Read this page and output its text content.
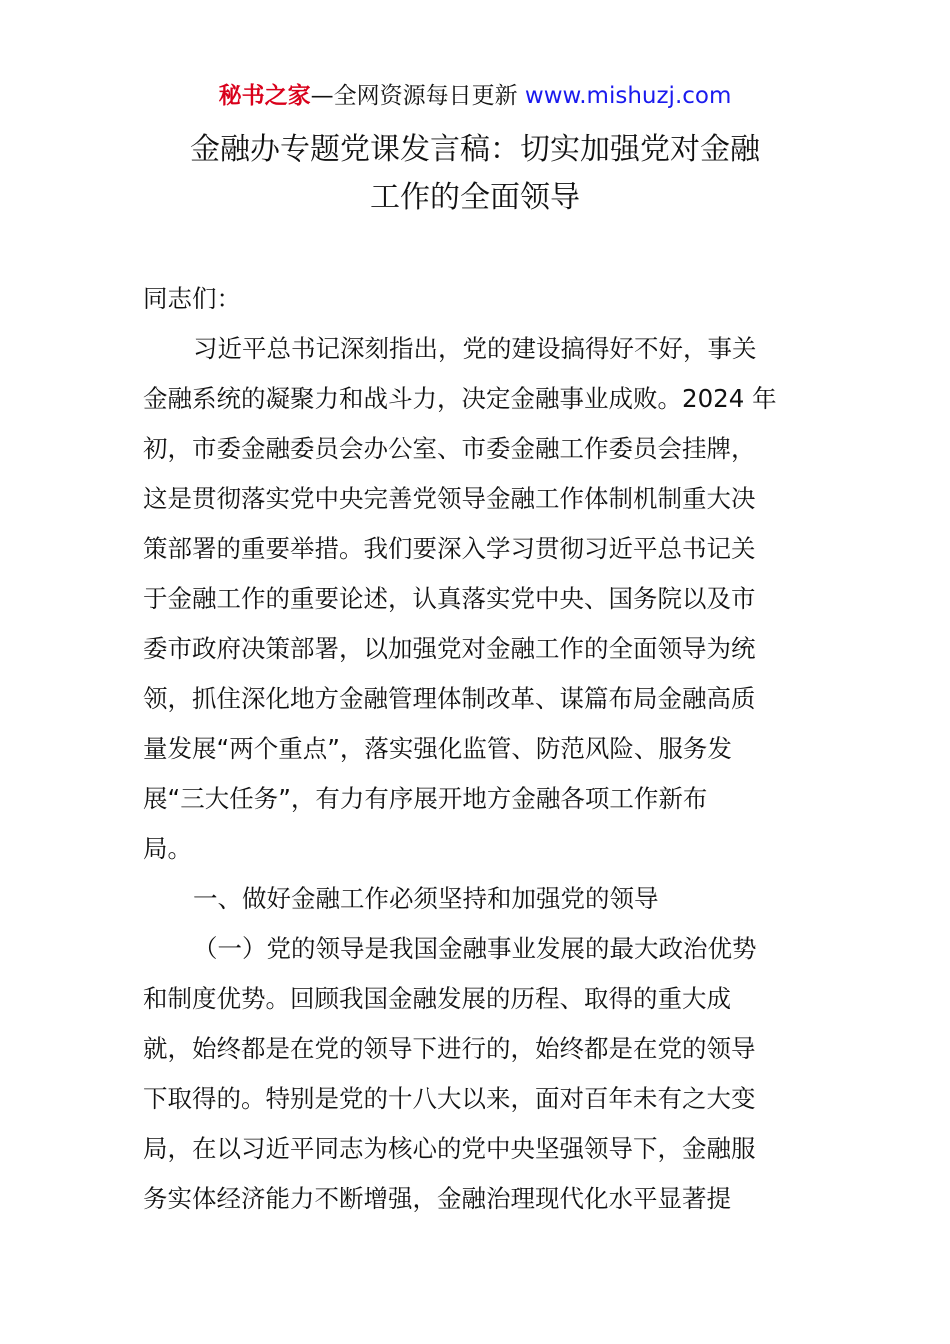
秘书之家—全网资源每日更新 www.mishuzj.com
金融办专题党课发言稿：切实加强党对金融
工作的全面领导
同志们：
习近平总书记深刻指出，党的建设搞得好不好，事关
金融系统的凝聚力和战斗力，决定金融事业成败。2024 年
初，市委金融委员会办公室、市委金融工作委员会挂牌，
这是贯彻落实党中央完善党领导金融工作体制机制重大决
策部署的重要举措。我们要深入学习贯彻习近平总书记关
于金融工作的重要论述，认真落实党中央、国务院以及市
委市政府决策部署，以加强党对金融工作的全面领导为统
领，抓住深化地方金融管理体制改革、谋篇布局金融高质
量发展“两个重点”，落实强化监管、防范风险、服务发
展“三大任务”，有力有序展开地方金融各项工作新布
局。
一、做好金融工作必须坚持和加强党的领导
（一）党的领导是我国金融事业发展的最大政治优势
和制度优势。回顾我国金融发展的历程、取得的重大成
就，始终都是在党的领导下进行的，始终都是在党的领导
下取得的。特别是党的十八大以来，面对百年未有之大变
局，在以习近平同志为核心的党中央坚强领导下，金融服
务实体经济能力不断增强，金融治理现代化水平显著提
